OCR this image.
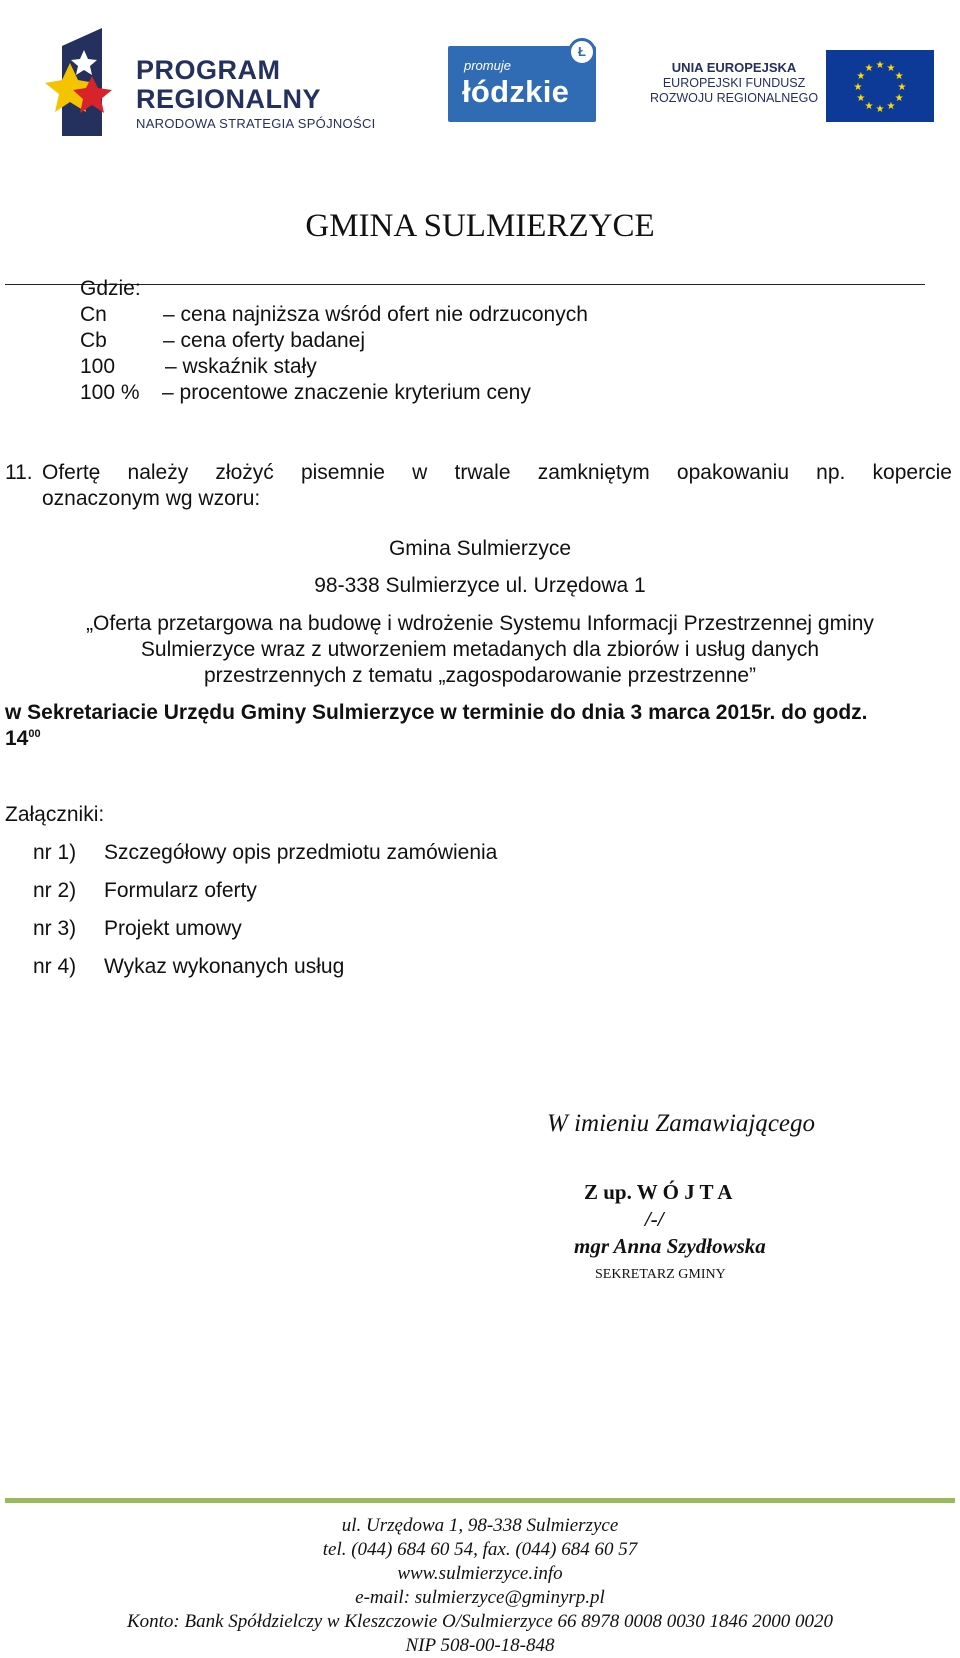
PROGRAM
REGIONALNY
NARODOWA STRATEGIA SPÓJNOŚCI
promuje
łódzkie
Ł
UNIA EUROPEJSKA
EUROPEJSKI FUNDUSZ
ROZWOJU REGIONALNEGO
★ ★
★
★
★
★
★
★
★
★
★
★
GMINA SULMIERZYCE
Gdzie:
Cn	– cena najniższa wśród ofert nie odrzuconych
Cb	– cena oferty badanej
100 – wskaźnik stały
100 % – procentowe znaczenie kryterium ceny
11. Ofertę należy złożyć pisemnie w trwale zamkniętym opakowaniu np. kopercie
oznaczonym wg wzoru:
Gmina Sulmierzyce
98-338 Sulmierzyce ul. Urzędowa 1
„Oferta przetargowa na budowę i wdrożenie Systemu Informacji Przestrzennej gminy
Sulmierzyce wraz z utworzeniem metadanych dla zbiorów i usług danych
przestrzennych z tematu „zagospodarowanie przestrzenne”
w Sekretariacie Urzędu Gminy Sulmierzyce w terminie do dnia 3 marca 2015r. do godz.
$14^{00}$
Załączniki:
nr 1) Szczegółowy opis przedmiotu zamówienia
nr 2) Formularz oferty
nr 3) Projekt umowy
nr 4) Wykaz wykonanych usług
W imieniu Zamawiającego
Z up. W Ó J T A
/-/
mgr Anna Szydłowska
SEKRETARZ GMINY
ul. Urzędowa 1, 98-338 Sulmierzyce
tel. (044) 684 60 54, fax. (044) 684 60 57
www.sulmierzyce.info
e-mail: sulmierzyce@gminyrp.pl
Konto: Bank Spółdzielczy w Kleszczowie O/Sulmierzyce 66 8978 0008 0030 1846 2000 0020
NIP 508-00-18-848
